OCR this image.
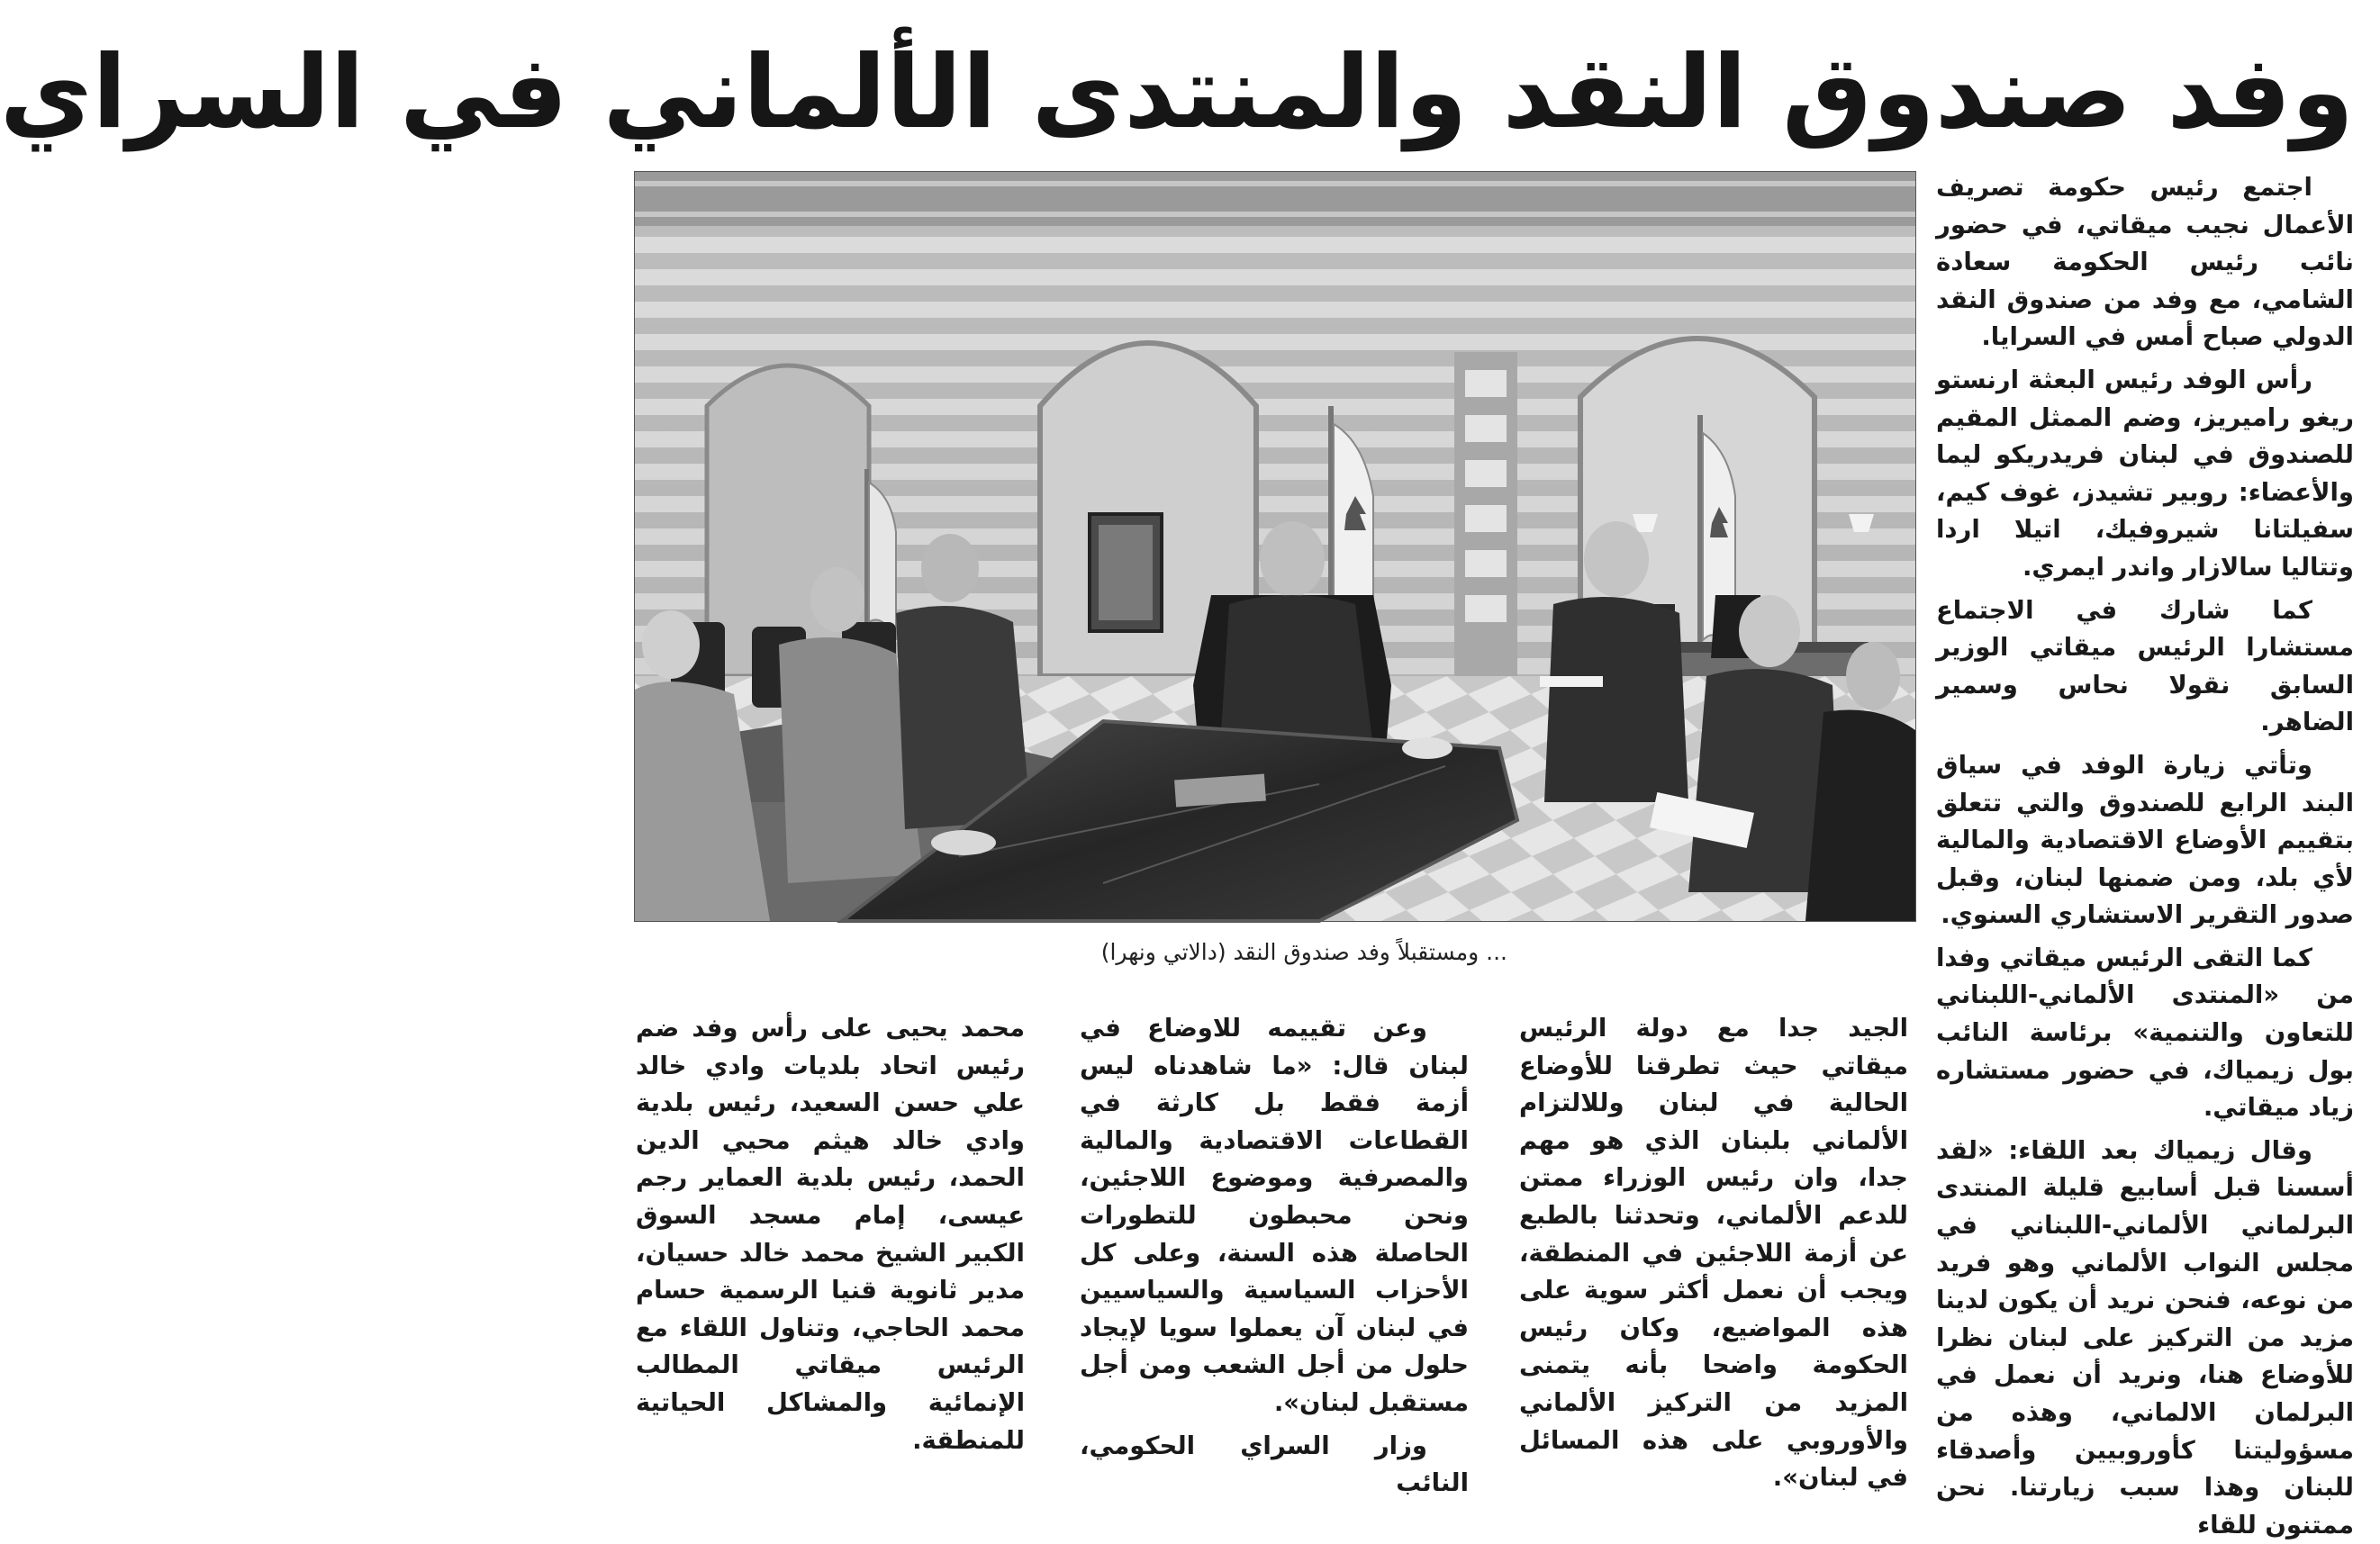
وفد صندوق النقد والمنتدى الألماني في السراي

اجتمع رئيس حكومة تصريف الأعمال نجيب ميقاتي، في حضور نائب رئيس الحكومة سعادة الشامي، مع وفد من صندوق النقد الدولي صباح أمس في السرايا.

رأس الوفد رئيس البعثة ارنستو ريغو راميريز، وضم الممثل المقيم للصندوق في لبنان فريدريكو ليما والأعضاء: روبير تشيدز، غوف كيم، سفيلتانا شيروفيك، اتيلا اردا وتتاليا سالازار واندر ايمري.

كما شارك في الاجتماع مستشارا الرئيس ميقاتي الوزير السابق نقولا نحاس وسمير الضاهر.

وتأتي زيارة الوفد في سياق البند الرابع للصندوق والتي تتعلق بتقييم الأوضاع الاقتصادية والمالية لأي بلد، ومن ضمنها لبنان، وقبل صدور التقرير الاستشاري السنوي.

كما التقى الرئيس ميقاتي وفدا من «المنتدى الألماني-اللبناني للتعاون والتنمية» برئاسة النائب بول زيمياك، في حضور مستشاره زياد ميقاتي.

وقال زيمياك بعد اللقاء: «لقد أسسنا قبل أسابيع قليلة المنتدى البرلماني الألماني-اللبناني في مجلس النواب الألماني وهو فريد من نوعه، فنحن نريد أن يكون لدينا مزيد من التركيز على لبنان نظرا للأوضاع هنا، ونريد أن نعمل في البرلمان الالماني، وهذه من مسؤوليتنا كأوروبيين وأصدقاء للبنان وهذا سبب زيارتنا. نحن ممتنون للقاء

... ومستقبلاً وفد صندوق النقد (دالاتي ونهرا)

الجيد جدا مع دولة الرئيس ميقاتي حيث تطرقنا للأوضاع الحالية في لبنان وللالتزام الألماني بلبنان الذي هو مهم جدا، وان رئيس الوزراء ممتن للدعم الألماني، وتحدثنا بالطبع عن أزمة اللاجئين في المنطقة، ويجب أن نعمل أكثر سوية على هذه المواضيع، وكان رئيس الحكومة واضحا بأنه يتمنى المزيد من التركيز الألماني والأوروبي على هذه المسائل في لبنان».

وعن تقييمه للاوضاع في لبنان قال: «ما شاهدناه ليس أزمة فقط بل كارثة في القطاعات الاقتصادية والمالية والمصرفية وموضوع اللاجئين، ونحن محبطون للتطورات الحاصلة هذه السنة، وعلى كل الأحزاب السياسية والسياسيين في لبنان آن يعملوا سويا لإيجاد حلول من أجل الشعب ومن أجل مستقبل لبنان».

وزار السراي الحكومي، النائب

محمد يحيى على رأس وفد ضم رئيس اتحاد بلديات وادي خالد علي حسن السعيد، رئيس بلدية وادي خالد هيثم محيي الدين الحمد، رئيس بلدية العماير رجم عيسى، إمام مسجد السوق الكبير الشيخ محمد خالد حسيان، مدير ثانوية قنيا الرسمية حسام محمد الحاجي، وتناول اللقاء مع الرئيس ميقاتي المطالب الإنمائية والمشاكل الحياتية للمنطقة.
